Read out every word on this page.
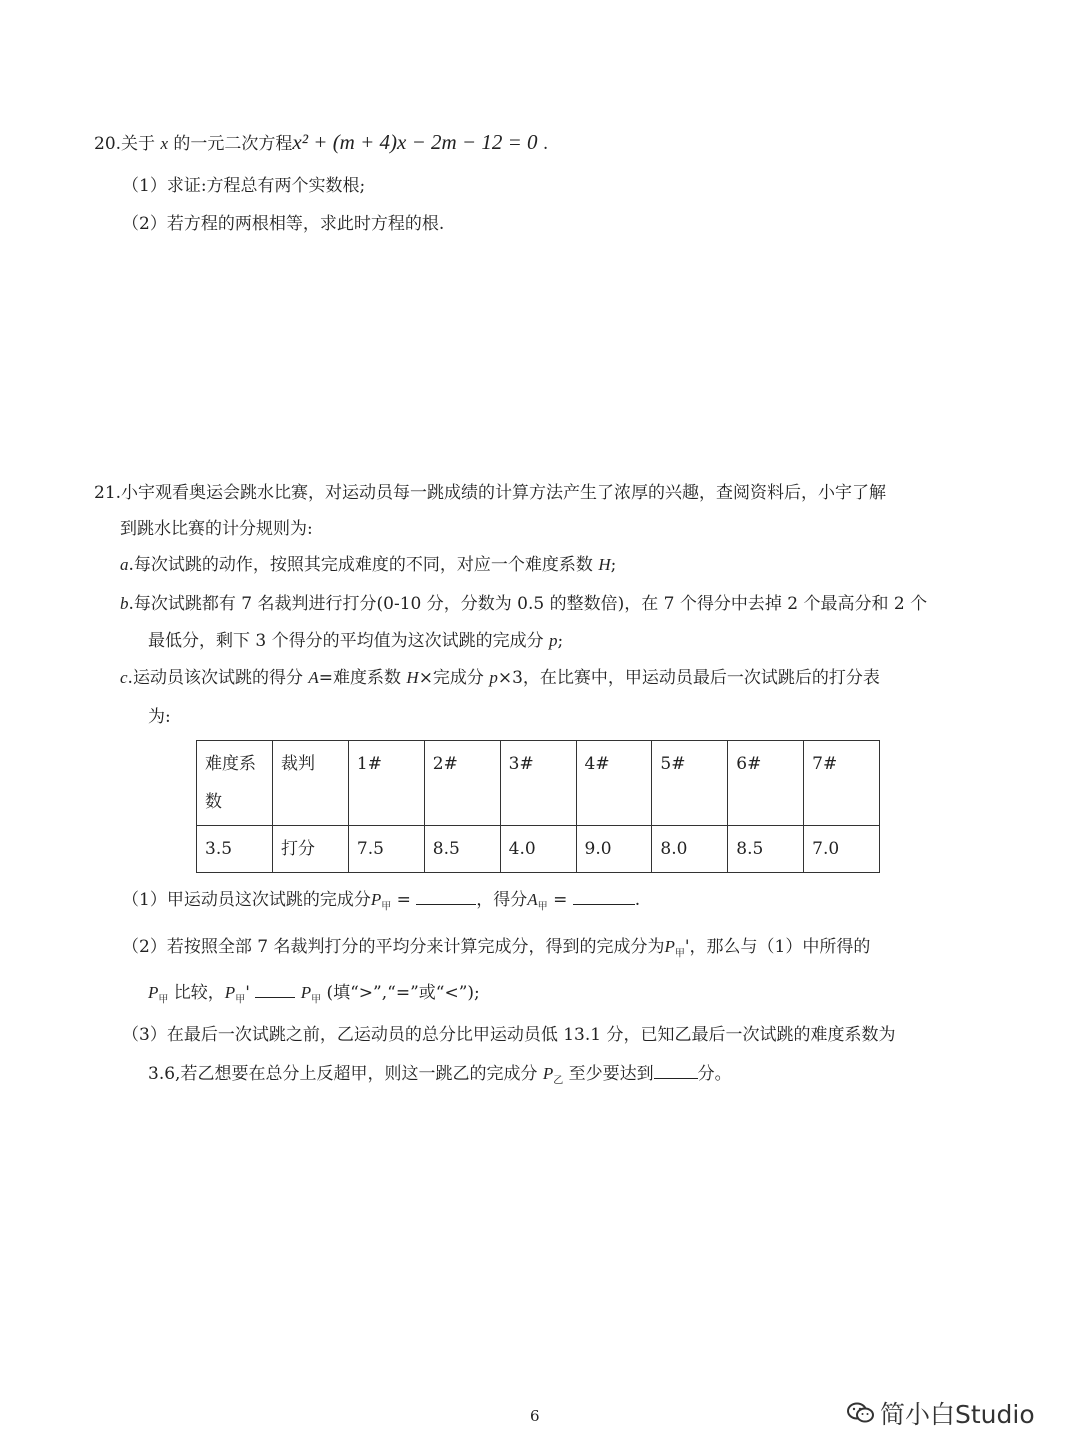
20.关于 x 的一元二次方程x² + (m + 4)x − 2m − 12 = 0 .
（1）求证:方程总有两个实数根;
（2）若方程的两根相等，求此时方程的根.
21.小宇观看奥运会跳水比赛，对运动员每一跳成绩的计算方法产生了浓厚的兴趣，查阅资料后，小宇了解
到跳水比赛的计分规则为:
a.每次试跳的动作，按照其完成难度的不同，对应一个难度系数 H;
b.每次试跳都有 7 名裁判进行打分(0-10 分，分数为 0.5 的整数倍)，在 7 个得分中去掉 2 个最高分和 2 个
最低分，剩下 3 个得分的平均值为这次试跳的完成分 p;
c.运动员该次试跳的得分 A=难度系数 H×完成分 p×3，在比赛中，甲运动员最后一次试跳后的打分表
为:
难度系数	裁判	1#	2#	3#	4#	5#	6#	7#
3.5	打分	7.5	8.5	4.0	9.0	8.0	8.5	7.0
（1）甲运动员这次试跳的完成分$P_甲$ =	，得分$A_甲$ =	.
（2）若按照全部 7 名裁判打分的平均分来计算完成分，得到的完成分为$P_甲'$，那么与（1）中所得的
$P_甲$ 比较，$P_甲'$	$P_甲$ (填“>”,“=”或“<”);
（3）在最后一次试跳之前，乙运动员的总分比甲运动员低 13.1 分，已知乙最后一次试跳的难度系数为
3.6,若乙想要在总分上反超甲，则这一跳乙的完成分 $P_乙$ 至少要达到	分。
6	简小白Studio
